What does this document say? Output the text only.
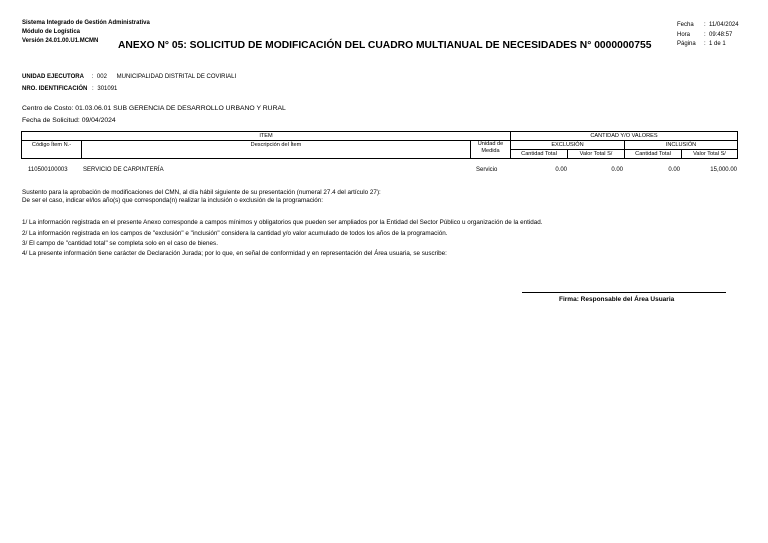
Sistema Integrado de Gestión Administrativa
Módulo de Logística
Versión 24.01.00.U1.MCMN	ANEXO N° 05: SOLICITUD DE MODIFICACIÓN DEL CUADRO MULTIANUAL DE NECESIDADES N° 0000000755
Fecha	: 11/04/2024
Hora	: 09:48:57
Página	: 1 de 1
UNIDAD EJECUTORA : 002 MUNICIPALIDAD DISTRITAL DE COVIRIALI
NRO. IDENTIFICACIÓN : 301091
Centro de Costo: 01.03.06.01 SUB GERENCIA DE DESARROLLO URBANO Y RURAL
Fecha de Solicitud: 09/04/2024
ITEM			CANTIDAD Y/O VALORES			
Código Ítem N.-	Descripción del Ítem	Unidad de Medida	EXCLUSIÓN		INCLUSIÓN	
			Cantidad Total	Valor Total S/	Cantidad Total	Valor Total S/
110500100003	SERVICIO DE CARPINTERÍA	Servicio	0.00	0.00	0.00	15,000.00
Sustento para la aprobación de modificaciones del CMN, al día hábil siguiente de su presentación (numeral 27.4 del artículo 27):
De ser el caso, indicar el/los año(s) que corresponda(n) realizar la inclusión o exclusión de la programación:
1/ La información registrada en el presente Anexo corresponde a campos mínimos y obligatorios que pueden ser ampliados por la Entidad del Sector Público u organización de la entidad.
2/ La información registrada en los campos de "exclusión" e "inclusión" considera la cantidad y/o valor acumulado de todos los años de la programación.
3/ El campo de "cantidad total" se completa solo en el caso de bienes.
4/ La presente información tiene carácter de Declaración Jurada; por lo que, en señal de conformidad y en representación del Área usuaria, se suscribe:
Firma: Responsable del Área Usuaria
